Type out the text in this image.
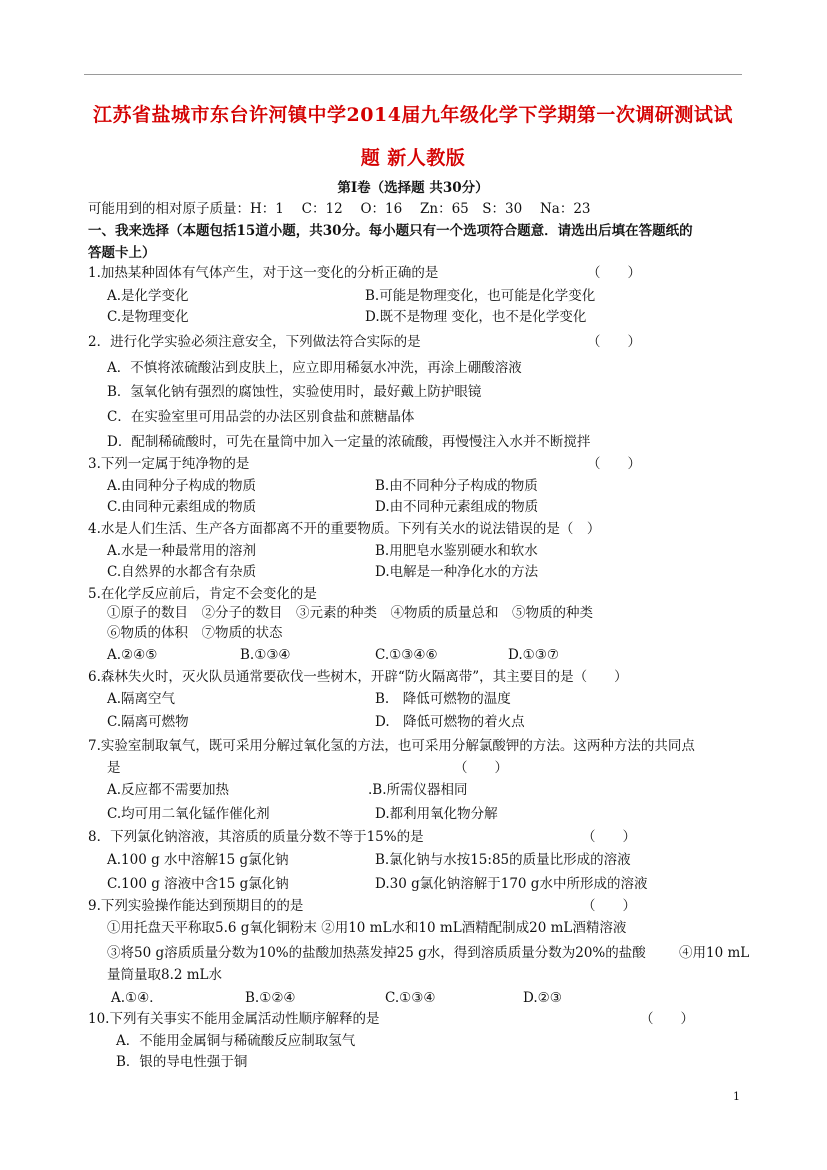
江苏省盐城市东台许河镇中学2014届九年级化学下学期第一次调研测试试
题 新人教版
第Ⅰ卷（选择题 共30分）
可能用到的相对原子质量：H：1　 C：12　 O：16　 Zn：65　S：30　 Na：23
一、我来选择（本题包括15道小题，共30分。每小题只有一个选项符合题意．请选出后填在答题纸的
答题卡上）
1.加热某种固体有气体产生，对于这一变化的分析正确的是	（　　）
A.是化学变化	B.可能是物理变化，也可能是化学变化
C.是物理变化	D.既不是物理 变化，也不是化学变化
2．进行化学实验必须注意安全，下列做法符合实际的是	（　　）
A．不慎将浓硫酸沾到皮肤上，应立即用稀氨水冲洗，再涂上硼酸溶液
B．氢氧化钠有强烈的腐蚀性，实验使用时，最好戴上防护眼镜
C．在实验室里可用品尝的办法区别食盐和蔗糖晶体
D．配制稀硫酸时，可先在量筒中加入一定量的浓硫酸，再慢慢注入水并不断搅拌
3.下列一定属于纯净物的是	（　　）
A.由同种分子构成的物质	B.由不同种分子构成的物质
C.由同种元素组成的物质	D.由不同种元素组成的物质
4.水是人们生活、生产各方面都离不开的重要物质。下列有关水的说法错误的是（　）
A.水是一种最常用的溶剂	B.用肥皂水鉴别硬水和软水
C.自然界的水都含有杂质	D.电解是一种净化水的方法
5.在化学反应前后，肯定不会变化的是
①原子的数目　②分子的数目　③元素的种类　④物质的质量总和　⑤物质的种类
⑥物质的体积　⑦物质的状态
A.②④⑤	B.①③④	C.①③④⑥	D.①③⑦
6.森林失火时，灭火队员通常要砍伐一些树木，开辟“防火隔离带”，其主要目的是（　　）
A.隔离空气	B.　降低可燃物的温度
C.隔离可燃物	D.　降低可燃物的着火点
7.实验室制取氧气，既可采用分解过氧化氢的方法，也可采用分解氯酸钾的方法。这两种方法的共同点
是	（　　）
A.反应都不需要加热	.B.所需仪器相同
C.均可用二氧化锰作催化剂	D.都利用氧化物分解
8．下列氯化钠溶液，其溶质的质量分数不等于15%的是	（　　）
A.100 g 水中溶解15 g氯化钠	B.氯化钠与水按15:85的质量比形成的溶液
C.100 g 溶液中含15 g氯化钠	D.30 g氯化钠溶解于170 g水中所形成的溶液
9.下列实验操作能达到预期目的的是	（　　）
①用托盘天平称取5.6 g氧化铜粉末 ②用10 mL水和10 mL酒精配制成20 mL酒精溶液
③将50 g溶质质量分数为10%的盐酸加热蒸发掉25 g水，得到溶质质量分数为20%的盐酸 ④用10 mL
量筒量取8.2 mL水
A.①④．	B.①②④	C.①③④	D.②③
10.下列有关事实不能用金属活动性顺序解释的是	（　　）
A．不能用金属铜与稀硫酸反应制取氢气
B．银的导电性强于铜
1
